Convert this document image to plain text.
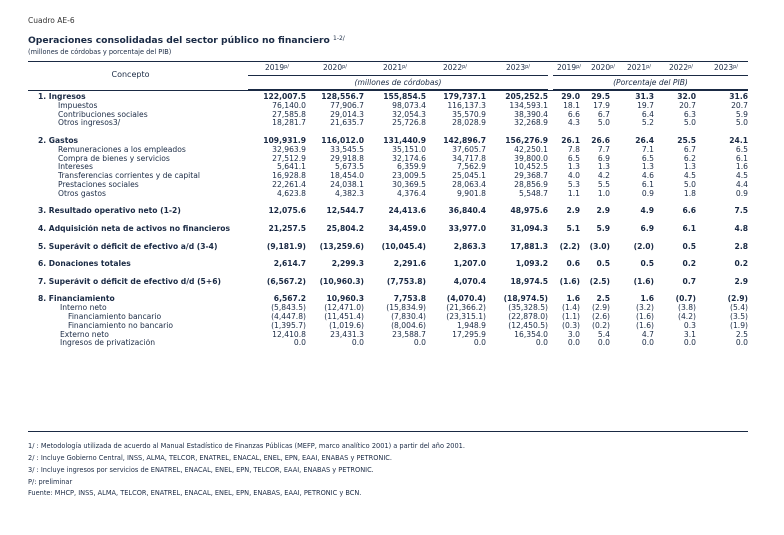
Cuadro AE-6
Operaciones consolidadas del sector público no financiero $^{1-2/}$
(millones de córdobas y porcentaje del PIB)
Concepto
$2019^{p/}$	$2020^{p/}$	$2021^{p/}$	$2022^{p/}$	$2023^{p/}$	$2019^{p/}$	$2020^{p/}$	$2021^{p/}$	$2022^{p/}$	$2023^{p/}$
(millones de córdobas)	(Porcentaje del PIB)
1. Ingresos	122,007.5	128,556.7	155,854.5	179,737.1	205,252.5	29.0	29.5	31.3	32.0	31.6
Impuestos	76,140.0	77,906.7	98,073.4	116,137.3	134,593.1	18.1	17.9	19.7	20.7	20.7
Contribuciones sociales	27,585.8	29,014.3	32,054.3	35,570.9	38,390.4	6.6	6.7	6.4	6.3	5.9
Otros ingresos3/	18,281.7	21,635.7	25,726.8	28,028.9	32,268.9	4.3	5.0	5.2	5.0	5.0

2. Gastos	109,931.9	116,012.0	131,440.9	142,896.7	156,276.9	26.1	26.6	26.4	25.5	24.1
Remuneraciones a los empleados	32,963.9	33,545.5	35,151.0	37,605.7	42,250.1	7.8	7.7	7.1	6.7	6.5
Compra de bienes y servicios	27,512.9	29,918.8	32,174.6	34,717.8	39,800.0	6.5	6.9	6.5	6.2	6.1
Intereses	5,641.1	5,673.5	6,359.9	7,562.9	10,452.5	1.3	1.3	1.3	1.3	1.6
Transferencias corrientes y de capital	16,928.8	18,454.0	23,009.5	25,045.1	29,368.7	4.0	4.2	4.6	4.5	4.5
Prestaciones sociales	22,261.4	24,038.1	30,369.5	28,063.4	28,856.9	5.3	5.5	6.1	5.0	4.4
Otros gastos	4,623.8	4,382.3	4,376.4	9,901.8	5,548.7	1.1	1.0	0.9	1.8	0.9

3. Resultado operativo neto (1-2)	12,075.6	12,544.7	24,413.6	36,840.4	48,975.6	2.9	2.9	4.9	6.6	7.5

4. Adquisición neta de activos no financieros	21,257.5	25,804.2	34,459.0	33,977.0	31,094.3	5.1	5.9	6.9	6.1	4.8

5. Superávit o déficit de efectivo a/d (3-4)	(9,181.9)	(13,259.6)	(10,045.4)	2,863.3	17,881.3	(2.2)	(3.0)	(2.0)	0.5	2.8

6. Donaciones totales	2,614.7	2,299.3	2,291.6	1,207.0	1,093.2	0.6	0.5	0.5	0.2	0.2

7. Superávit o déficit de efectivo d/d (5+6)	(6,567.2)	(10,960.3)	(7,753.8)	4,070.4	18,974.5	(1.6)	(2.5)	(1.6)	0.7	2.9

8. Financiamiento	6,567.2	10,960.3	7,753.8	(4,070.4)	(18,974.5)	1.6	2.5	1.6	(0.7)	(2.9)
Interno neto	(5,843.5)	(12,471.0)	(15,834.9)	(21,366.2)	(35,328.5)	(1.4)	(2.9)	(3.2)	(3.8)	(5.4)
Financiamiento bancario	(4,447.8)	(11,451.4)	(7,830.4)	(23,315.1)	(22,878.0)	(1.1)	(2.6)	(1.6)	(4.2)	(3.5)
Financiamiento no bancario	(1,395.7)	(1,019.6)	(8,004.6)	1,948.9	(12,450.5)	(0.3)	(0.2)	(1.6)	0.3	(1.9)
Externo neto	12,410.8	23,431.3	23,588.7	17,295.9	16,354.0	3.0	5.4	4.7	3.1	2.5
Ingresos de privatización	0.0	0.0	0.0	0.0	0.0	0.0	0.0	0.0	0.0	0.0
1/ : Metodología utilizada de acuerdo al Manual Estadístico de Finanzas Públicas (MEFP, marco analítico 2001) a partir del año 2001.
2/ : Incluye Gobierno Central, INSS, ALMA, TELCOR, ENATREL, ENACAL, ENEL, EPN, EAAI, ENABAS y PETRONIC.
3/ : Incluye ingresos por servicios de ENATREL, ENACAL, ENEL, EPN, TELCOR, EAAI, ENABAS y PETRONIC.
P/: preliminar
Fuente: MHCP, INSS, ALMA, TELCOR, ENATREL, ENACAL, ENEL, EPN, ENABAS, EAAI, PETRONIC y BCN.
